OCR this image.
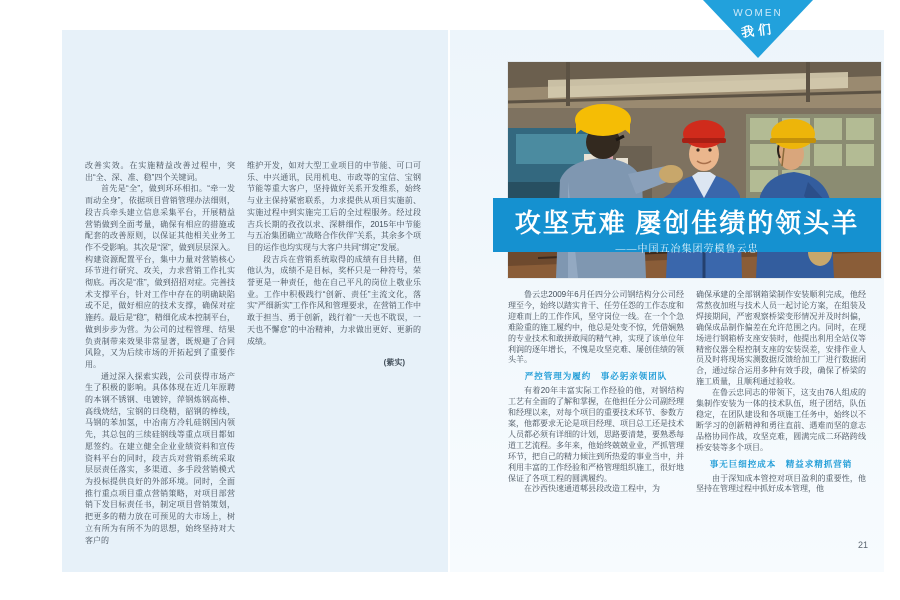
WOMEN
我们

改善实效。在实施精益改善过程中，突出“全、深、准、稳”四个关键词。

首先是“全”，做到环环相扣。“牵一发而动全身”，依据项目营销管理办法细则，段吉兵牵头建立信息采集平台，开展精益营销做到全面考量，确保有相应的措施或配套的改善原则，以保证其他相关业务工作不受影响。其次是“深”，做到层层深入。构建资源配置平台，集中力量对营销核心环节进行研究、攻关，力求营销工作扎实彻底。再次是“准”，做到招招对症。完善技术支撑平台，针对工作中存在的明确缺陷或不足，做好相应的技术支撑，确保对症施药。最后是“稳”，精细化成本控制平台，做到步步为营。为公司的过程管理、结果负责制带来效果非常显著，既规避了合同风险，又为后续市场的开拓起到了重要作用。

通过深入探索实践，公司获得市场产生了积极的影响。具体体现在近几年原聘的本钢不锈钢、电镀锌，萍钢炼钢高棒、高线烧结，宝钢的日绕精，韶钢的棒线，马钢的苯加氢，中冶南方冷轧硅钢国内领先，其总包的三续硅钢线等重点项目都如愿签约。在建立健全企业业绩资料和宣传资料平台的同时，段吉兵对营销系统采取层层责任落实，多渠道、多手段营销模式为投标提供良好的外部环境。同时，全面推行重点项目重点营销策略，对项目部营销下发目标责任书，制定项目营销策划，把更多的精力放在可预见的大市场上，树立有所为有所不为的思想，始终坚持对大客户的

维护开发，如对大型工业项目的中节能、可口可乐、中兴通讯，民用机电、市政等的宝信、宝钢节能等重大客户，坚持做好关系开发维系，始终与业主保持紧密联系，力求提供从项目实施前、实施过程中到实施完工后的全过程服务。经过段吉兵长期的孜孜以求、深耕细作，2015年中节能与五冶集团确立“战略合作伙伴”关系，其余多个项目的运作也均实现与大客户共同“绑定”发展。

段吉兵在营销系统取得的成绩有目共睹，但他认为，成绩不是目标，奖杯只是一种符号，荣誉更是一种责任，他在自己平凡的岗位上敬业乐业。工作中积极践行“创新、责任”主流文化，落实“严细新实”工作作风和管理要求，在营销工作中敢于担当、勇于创新，践行着“一天也不耽误，一天也不懈怠”的中冶精神，力求做出更好、更新的成绩。

(紫实)

攻坚克难 屡创佳绩的领头羊

——中国五冶集团劳模鲁云忠

鲁云忠2009年6月任四分公司钢结构分公司经理至今，始终以踏实肯干、任劳任怨的工作态度和迎难而上的工作作风，坚守岗位一线。在一个个急难险重的施工履约中，他总是处变不惊，凭借娴熟的专业技术和敢拼敢闯的精气神，实现了该单位年利润的逐年增长，不愧是攻坚克难、屡创佳绩的领头羊。

严控管理为履约　事必躬亲领团队

有着20年丰富实际工作经验的他，对钢结构工艺有全面的了解和掌握，在他担任分公司副经理和经理以来，对每个项目的重要技术环节、参数方案，他都要求无论是项目经理、项目总工还是技术人员都必须有详细的计划，思路要清楚，要熟悉每道工艺流程。多年来，他始终兢兢业业，严抓管理环节，把自己的精力倾注到所热爱的事业当中，并利用丰富的工作经验和严格管理组织施工，很好地保证了各项工程的圆满履约。

在沙西快速通道郫县段改造工程中，为

确保承建的全部钢箱梁制作安装顺利完成，他经常熬夜加班与技术人员一起讨论方案，在组装及焊接期间，严密观察桥梁变形情况并及时纠偏，确保成品制作偏差在允许范围之内。同时，在现场进行钢箱桥支座安装时，他提出利用全站仪等精密仪器全程控制支座的安装误差，安排作业人员及时将现场实测数据反馈给加工厂进行数据闭合，通过综合运用多种有效手段，确保了桥梁的施工质量，且顺利通过验收。

在鲁云忠同志的带领下，这支由76人组成的集制作安装为一体的技术队伍，班子团结，队伍稳定，在团队建设和各项施工任务中，始终以不断学习的创新精神和勇往直前、遇难而坚的意志品格协同作战，攻坚克难，圆满完成二环路跨线桥安装等多个项目。

事无巨细控成本　精益求精抓营销

由于深知成本管控对项目盈利的重要性，他坚持在管理过程中抓好成本管理，他

21
